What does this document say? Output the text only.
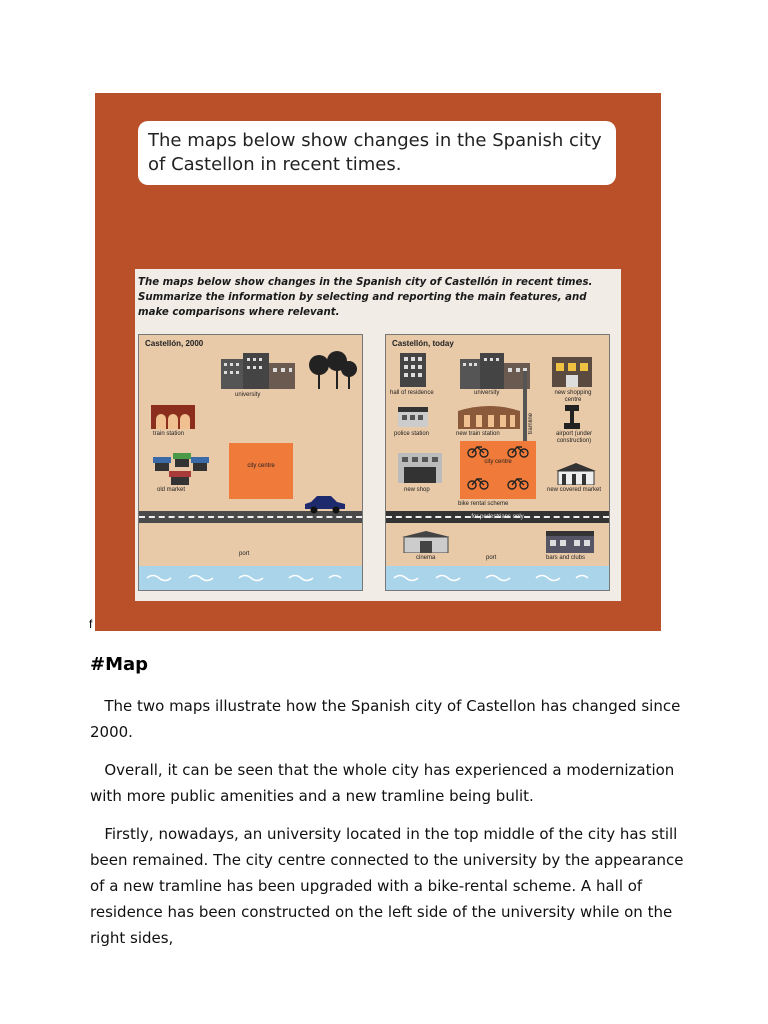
The maps below show changes in the Spanish city of Castellon in recent times.
The maps below show changes in the Spanish city of Castellón in recent times. Summarize the information by selecting and reporting the main features, and make comparisons where relevant.
Castellón, 2000
university
train station
city centre
old market
port
Castellón, today
hall of residence	university
tramline
new shopping centre
police station	new train station	airport (under construction)
city centre
bike rental scheme
new shop	new covered market
for pedestrians only
cinema	port	bars and clubs
f
#Map
The two maps illustrate how the Spanish city of Castellon has changed since 2000.
Overall, it can be seen that the whole city has experienced a modernization with more public amenities and a new tramline being bulit.
Firstly, nowadays, an university located in the top middle of the city has still been remained. The city centre connected to the university by the appearance of a new tramline has been upgraded with a bike-rental scheme. A hall of residence has been constructed on the left side of the university while on the right sides,
